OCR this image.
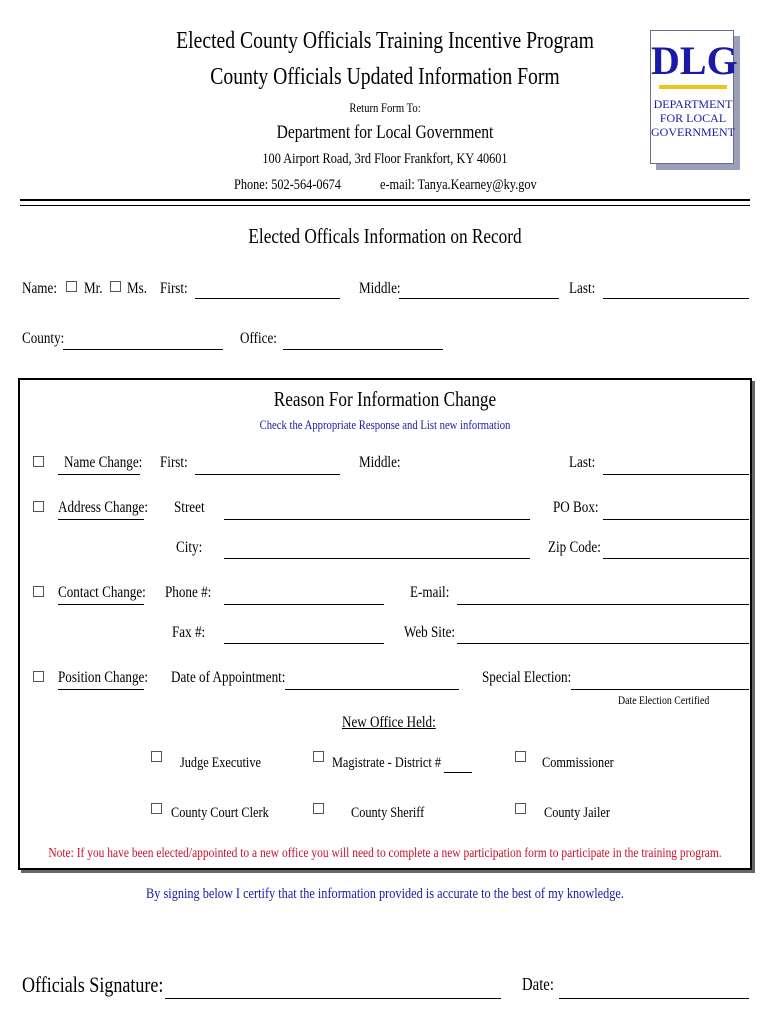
Elected County Officials Training Incentive Program
County Officials Updated Information Form
Return Form To:
Department for Local Government
100 Airport Road, 3rd Floor Frankfort, KY 40601
Phone: 502-564-0674	e-mail: Tanya.Kearney@ky.gov
DLG
DEPARTMENT
FOR LOCAL
GOVERNMENT
Elected Officals Information on Record
Name: Mr. Ms. First:	Middle:	Last:
County:	Office:
Reason For Information Change
Check the Appropriate Response and List new information
Name Change: First:	Middle:	Last:
Address Change: Street	PO Box:
City:	Zip Code:
Contact Change: Phone #:	E-mail:
Fax #:	Web Site:
Position Change: Date of Appointment:	Special Election:
Date Election Certified
New Office Held:
Judge Executive	Magistrate - District #	Commissioner
County Court Clerk	County Sheriff	County Jailer
Note: If you have been elected/appointed to a new office you will need to complete a new participation form to participate in the training program.
By signing below I certify that the information provided is accurate to the best of my knowledge.
Officials Signature:	Date:
